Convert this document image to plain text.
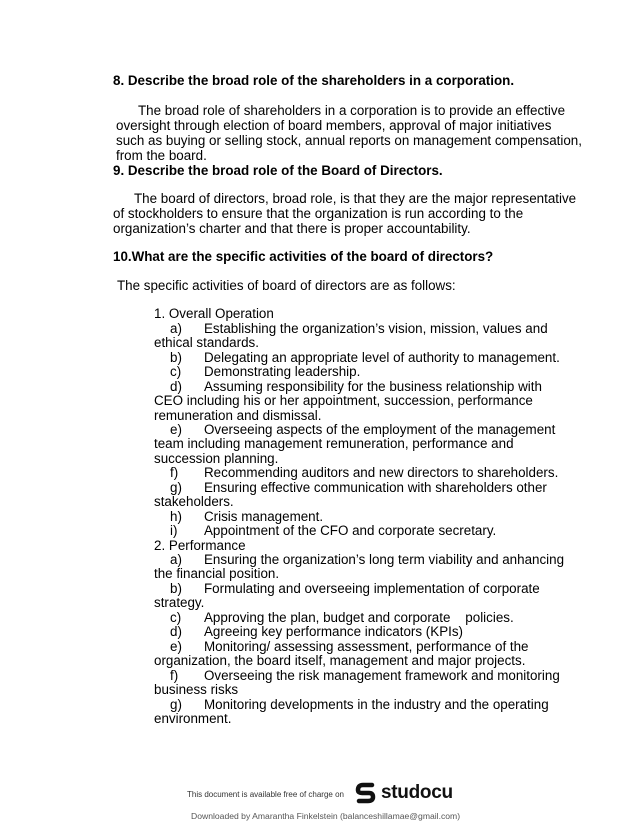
8. Describe the broad role of the shareholders in a corporation.
The broad role of shareholders in a corporation is to provide an effective
oversight through election of board members, approval of major initiatives
such as buying or selling stock, annual reports on management compensation,
from the board.
9. Describe the broad role of the Board of Directors.
The board of directors, broad role, is that they are the major representative
of stockholders to ensure that the organization is run according to the
organization’s charter and that there is proper accountability.
10.What are the specific activities of the board of directors?
The specific activities of board of directors are as follows:
1. Overall Operation
a) Establishing the organization’s vision, mission, values and
ethical standards.
b) Delegating an appropriate level of authority to management.
c) Demonstrating leadership.
d) Assuming responsibility for the business relationship with
CEO including his or her appointment, succession, performance
remuneration and dismissal.
e) Overseeing aspects of the employment of the management
team including management remuneration, performance and
succession planning.
f) Recommending auditors and new directors to shareholders.
g) Ensuring effective communication with shareholders other
stakeholders.
h) Crisis management.
i) Appointment of the CFO and corporate secretary.
2. Performance
a) Ensuring the organization’s long term viability and anhancing
the financial position.
b) Formulating and overseeing implementation of corporate
strategy.
c) Approving the plan, budget and corporate    policies.
d) Agreeing key performance indicators (KPIs)
e) Monitoring/ assessing assessment, performance of the
organization, the board itself, management and major projects.
f) Overseeing the risk management framework and monitoring
business risks
g) Monitoring developments in the industry and the operating
environment.
This document is available free of charge on studocu
Downloaded by Amarantha Finkelstein (balanceshillamae@gmail.com)
